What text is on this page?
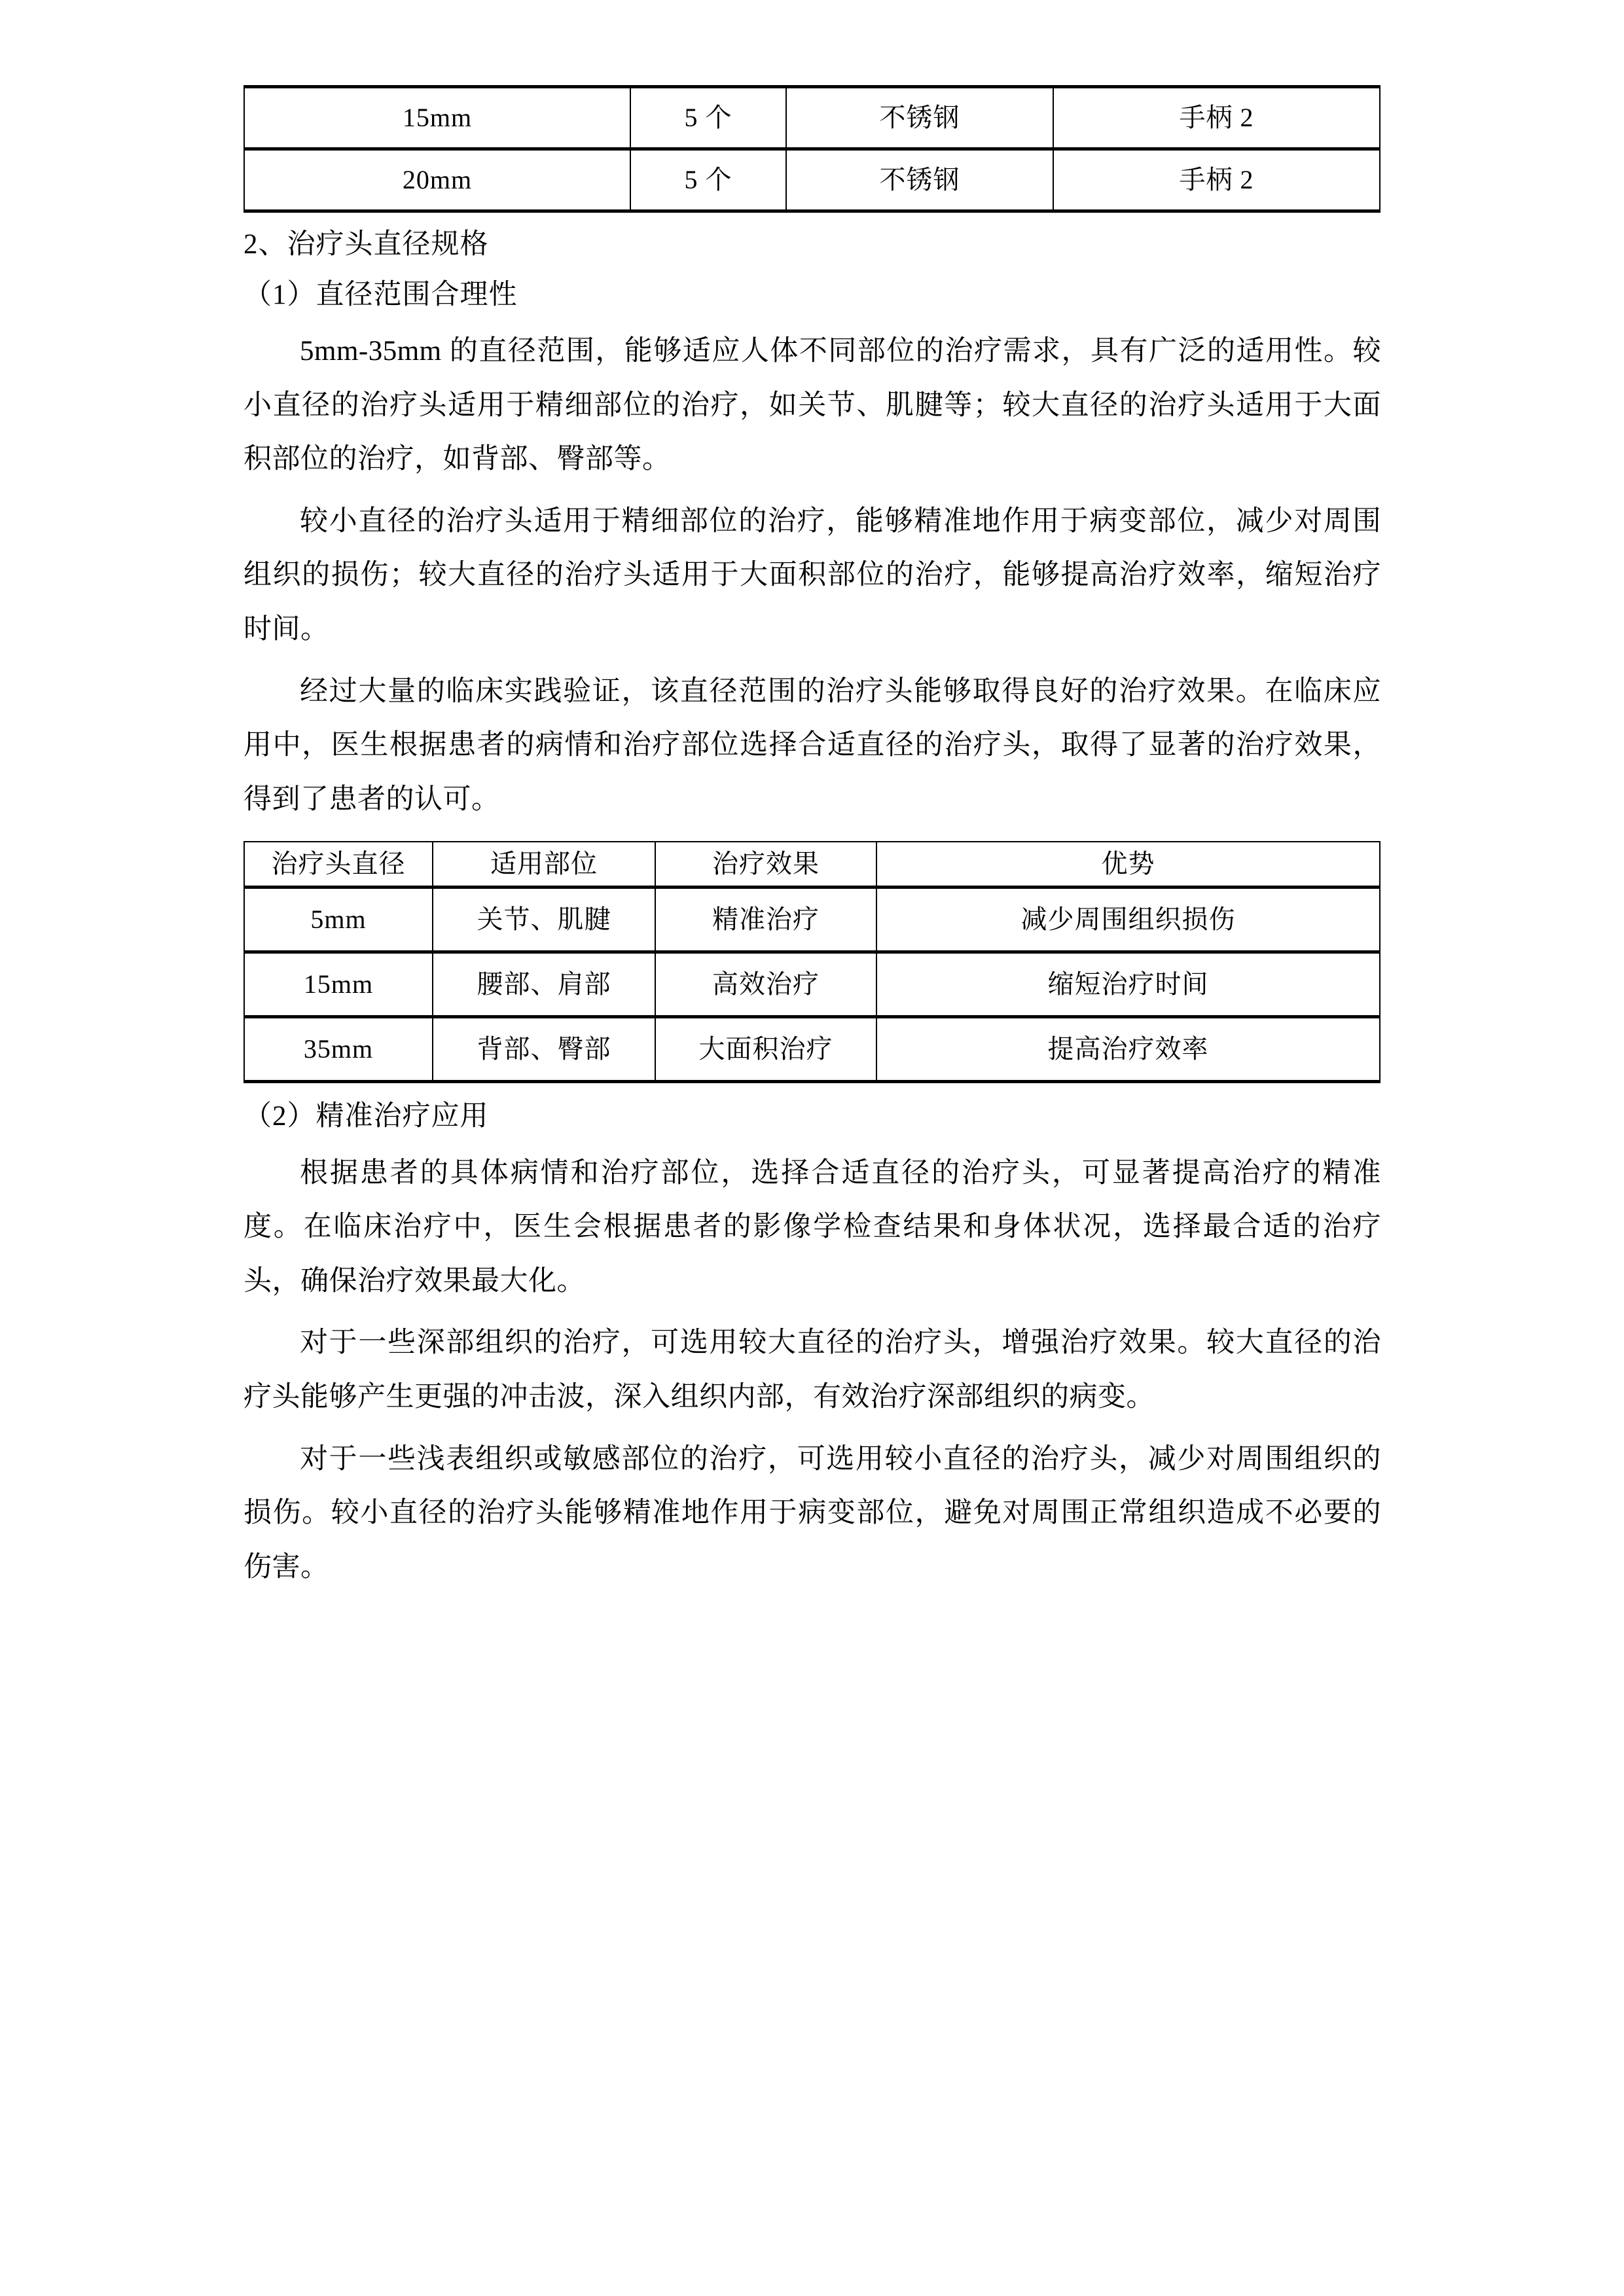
15mm	5 个	不锈钢	手柄 2
20mm	5 个	不锈钢	手柄 2
2、治疗头直径规格
（1）直径范围合理性

5mm-35mm 的直径范围，能够适应人体不同部位的治疗需求，具有广泛的适用性。较小直径的治疗头适用于精细部位的治疗，如关节、肌腱等；较大直径的治疗头适用于大面积部位的治疗，如背部、臀部等。

较小直径的治疗头适用于精细部位的治疗，能够精准地作用于病变部位，减少对周围组织的损伤；较大直径的治疗头适用于大面积部位的治疗，能够提高治疗效率，缩短治疗时间。

经过大量的临床实践验证，该直径范围的治疗头能够取得良好的治疗效果。在临床应用中，医生根据患者的病情和治疗部位选择合适直径的治疗头，取得了显著的治疗效果，得到了患者的认可。

治疗头直径	适用部位	治疗效果	优势
5mm	关节、肌腱	精准治疗	减少周围组织损伤
15mm	腰部、肩部	高效治疗	缩短治疗时间
35mm	背部、臀部	大面积治疗	提高治疗效率
（2）精准治疗应用

根据患者的具体病情和治疗部位，选择合适直径的治疗头，可显著提高治疗的精准度。在临床治疗中，医生会根据患者的影像学检查结果和身体状况，选择最合适的治疗头，确保治疗效果最大化。

对于一些深部组织的治疗，可选用较大直径的治疗头，增强治疗效果。较大直径的治疗头能够产生更强的冲击波，深入组织内部，有效治疗深部组织的病变。

对于一些浅表组织或敏感部位的治疗，可选用较小直径的治疗头，减少对周围组织的损伤。较小直径的治疗头能够精准地作用于病变部位，避免对周围正常组织造成不必要的伤害。
